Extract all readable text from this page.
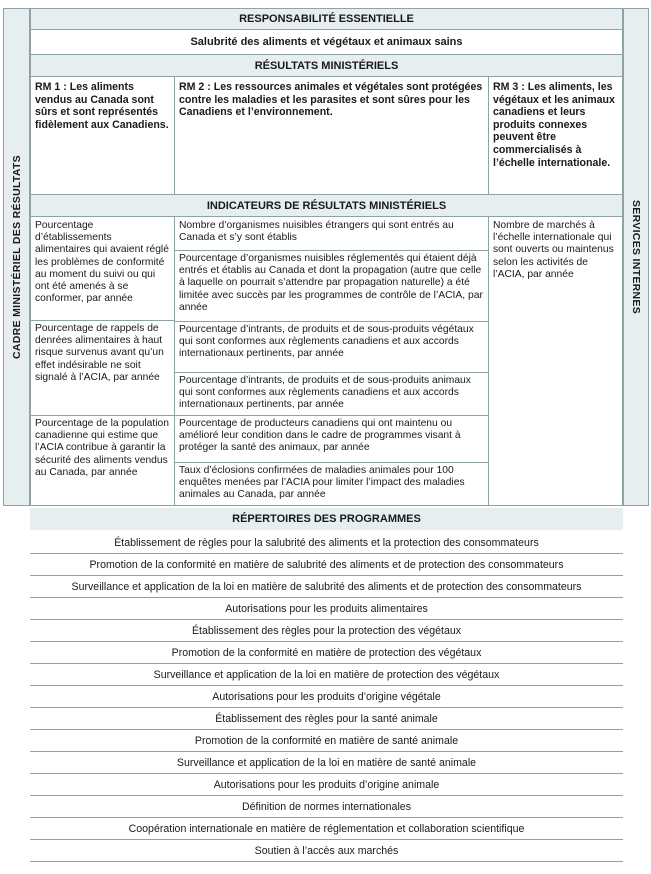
CADRE MINISTÉRIEL DES RÉSULTATS	SERVICES INTERNES
RESPONSABILITÉ ESSENTIELLE
Salubrité des aliments et végétaux et animaux sains
RÉSULTATS MINISTÉRIELS
RM 1 : Les aliments vendus au Canada sont sûrs et sont représentés fidèlement aux Canadiens.
RM 2 : Les ressources animales et végétales sont protégées contre les maladies et les parasites et sont sûres pour les Canadiens et l’environnement.
RM 3 : Les aliments, les végétaux et les animaux canadiens et leurs produits connexes peuvent être commercialisés à l’échelle internationale.
INDICATEURS DE RÉSULTATS MINISTÉRIELS
Pourcentage d’établissements alimentaires qui avaient réglé les problèmes de conformité au moment du suivi ou qui ont été amenés à se conformer, par année
Pourcentage de rappels de denrées alimentaires à haut risque survenus avant qu’un effet indésirable ne soit signalé à l’ACIA, par année
Pourcentage de la population canadienne qui estime que l’ACIA contribue à garantir la sécurité des aliments vendus au Canada, par année
Nombre d’organismes nuisibles étrangers qui sont entrés au Canada et s’y sont établis
Pourcentage d’organismes nuisibles réglementés qui étaient déjà entrés et établis au Canada et dont la propagation (autre que celle à laquelle on pourrait s’attendre par propagation naturelle) a été limitée avec succès par les programmes de contrôle de l’ACIA, par année
Pourcentage d’intrants, de produits et de sous-produits végétaux qui sont conformes aux règlements canadiens et aux accords internationaux pertinents, par année
Pourcentage d’intrants, de produits et de sous-produits animaux qui sont conformes aux règlements canadiens et aux accords internationaux pertinents, par année
Pourcentage de producteurs canadiens qui ont maintenu ou amélioré leur condition dans le cadre de programmes visant à protéger la santé des animaux, par année
Taux d’éclosions confirmées de maladies animales pour 100 enquêtes menées par l’ACIA pour limiter l’impact des maladies animales au Canada, par année
Nombre de marchés à l’échelle internationale qui sont ouverts ou maintenus selon les activités de l’ACIA, par année
RÉPERTOIRES DES PROGRAMMES
Établissement de règles pour la salubrité des aliments et la protection des consommateurs
Promotion de la conformité en matière de salubrité des aliments et de protection des consommateurs
Surveillance et application de la loi en matière de salubrité des aliments et de protection des consommateurs
Autorisations pour les produits alimentaires
Établissement des règles pour la protection des végétaux
Promotion de la conformité en matière de protection des végétaux
Surveillance et application de la loi en matière de protection des végétaux
Autorisations pour les produits d’origine végétale
Établissement des règles pour la santé animale
Promotion de la conformité en matière de santé animale
Surveillance et application de la loi en matière de santé animale
Autorisations pour les produits d’origine animale
Définition de normes internationales
Coopération internationale en matière de réglementation et collaboration scientifique
Soutien à l’accès aux marchés
